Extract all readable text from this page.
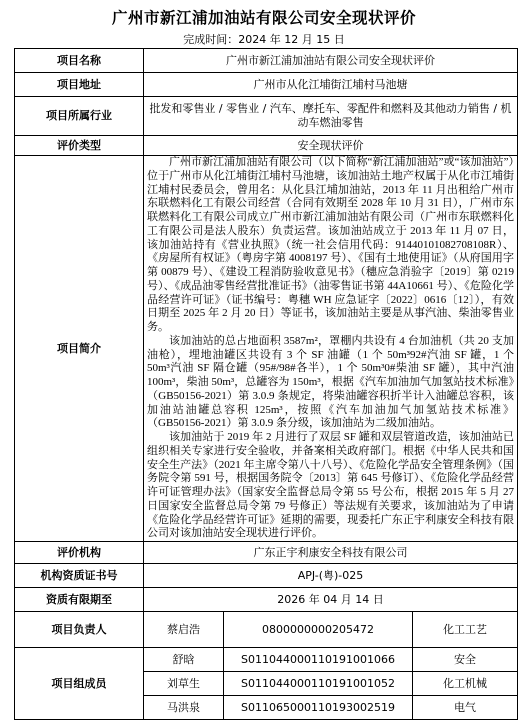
广州市新江浦加油站有限公司安全现状评价
完成时间：2024 年 12 月 15 日
项目名称	广州市新江浦加油站有限公司安全现状评价		
项目地址	广州市从化江埔街江埔村马池塘		
项目所属行业	批发和零售业 / 零售业 / 汽车、摩托车、零配件和燃料及其他动力销售 / 机动车燃油零售		
评价类型	安全现状评价		
项目简介	广州市新江浦加油站有限公司（以下简称“新江浦加油站”或“该加油站”）位于广州市从化江埔街江埔村马池塘，该加油站土地产权属于从化市江埔街江埔村民委员会，曾用名：从化县江埔加油站，2013 年 11 月出租给广州市东联燃料化工有限公司经营（合同有效期至 2028 年 10 月 31 日），广州市东联燃料化工有限公司成立广州市新江浦加油站有限公司（广州市东联燃料化工有限公司是法人股东）负责运营。该加油站成立于 2013 年 11 月 07 日，该加油站持有《营业执照》（统一社会信用代码：91440101082708108R）、《房屋所有权证》（粤房字第 4008197 号）、《国有土地使用证》（从府国用字第 00879 号）、《建设工程消防验收意见书》（穗应急消验字〔2019〕第 0219 号）、《成品油零售经营批准证书》（油零售证书第 44A10661 号）、《危险化学品经营许可证》（证书编号：粤穗 WH 应急证字〔2022〕0616〔12〕），有效日期至 2025 年 2 月 20 日）等证书，该加油站主要是从事汽油、柴油零售业务。

该加油站的总占地面积 3587m²，罩棚内共设有 4 台加油机（共 20 支加油枪），埋地油罐区共设有 3 个 SF 油罐（1 个 50m³92#汽油 SF 罐，1 个 50m³汽油 SF 隔仓罐（95#/98#各半），1 个 50m³0#柴油 SF 罐），其中汽油 100m³，柴油 50m³，总罐容为 150m³，根据《汽车加油加气加氢站技术标准》（GB50156-2021）第 3.0.9 条规定，将柴油罐容积折半计入油罐总容积，该加油站油罐总容积 125m³，按照《汽车加油加气加氢站技术标准》（GB50156-2021）第 3.0.9 条分级，该加油站为二级加油站。

该加油站于 2019 年 2 月进行了双层 SF 罐和双层管道改造，该加油站已组织相关专家进行安全验收，并备案相关政府部门。根据《中华人民共和国安全生产法》（2021 年主席令第八十八号）、《危险化学品安全管理条例》（国务院令第 591 号，根据国务院令〔2013〕第 645 号修订）、《危险化学品经营许可证管理办法》（国家安全监督总局令第 55 号公布，根据 2015 年 5 月 27 日国家安全监督总局令第 79 号修正）等法规有关要求，该加油站为了申请《危险化学品经营许可证》延期的需要，现委托广东正宇利康安全科技有限公司对该加油站安全现状进行评价。		

评价机构	广东正宇利康安全科技有限公司		
机构资质证书号	APJ-(粤)-025		
资质有限期至	2026 年 04 月 14 日		
项目负责人	蔡启浩	0800000000205472	化工工艺
项目组成员	舒晗	S011044000110191001066	安全
	刘草生	S011044000110191001052	化工机械
	马洪泉	S011065000110193002519	电气
